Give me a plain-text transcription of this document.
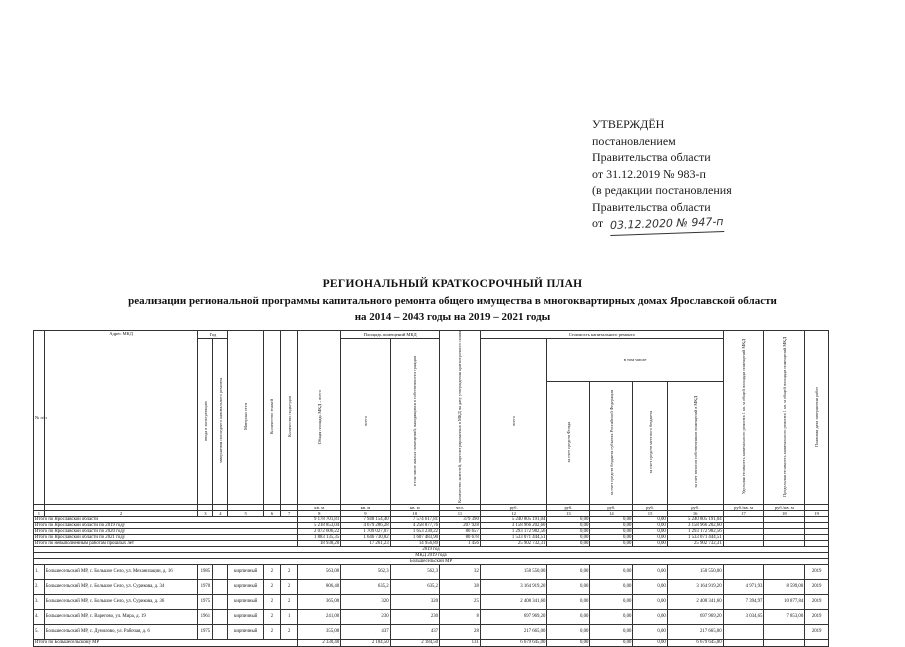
УТВЕРЖДЁН
постановлением
Правительства области
от 31.12.2019 № 983-п
(в редакции постановления
Правительства области
от 03.12.2020 № 947-п
РЕГИОНАЛЬНЫЙ КРАТКОСРОЧНЫЙ ПЛАН
реализации региональной программы капитального ремонта общего имущества в многоквартирных домах Ярославской области
на 2014 – 2043 годы на 2019 – 2021 годы
№ п/п	Адрес МКД	Год		Материал стен	Количество этажей	Количество подъездов	Общая площадь МКД – всего	Площадь помещений МКД		Количество жителей, зарегистрированных в МКД на дату утверждения краткосрочного плана	Стоимость капитального ремонта					Удельная стоимость капитального ремонта 1 кв. м общей площади помещений МКД	Предельная стоимость капитального ремонта 1 кв. м общей площади помещений МКД	Плановая дата завершения работ
		ввода в эксплуатацию	завершения последнего капитального ремонта					всего	в том числе жилых помещений, находящихся в собственности граждан		всего	в том числе						
												за счет средств Фонда	за счет средств бюджета субъекта Российской Федерации	за счет средств местного бюджета	за счет взносов собственников помещений в МКД			
							кв. м	кв. м	кв. м	чел.	руб.	руб.	руб.	руб.	руб.	руб./кв. м	руб./кв. м	
1	2	3	4	5	6	7	8	9	10	11	12	13	14	15	16	17	18	19
Итого по Ярославской области							9 178 701,81	7 948 154,40	7 574 617,81	379 390	5 240 805 191,04	0,00	0,00	0,00	5 240 805 191,04			
Итого по Ярославской области по 2019 году							5 218 853,04	4 679 286,28	4 258 877,76	207 928	3 158 966 202,60	0,00	0,00	0,00	3 158 966 202,60			
Итого по Ярославской области по 2020 году							2 072 606,22	1 709 027,07	1 653 230,22	80 657	1 293 172 982,56	0,00	0,00	0,00	1 293 172 982,56			
Итого по Ярославской области по 2021 году							1 883 135,35	1 646 730,82	1 607 483,90	80 678	1 533 071 444,51	0,00	0,00	0,00	1 533 071 444,51			
Итого по невыполненным работам прошлых лет							18 938,20	17 261,23	14 956,89	1 456	25 902 732,31	0,00	0,00	0,00	25 902 732,31			
2019 год																		
МКД 2019 года																		
Большесельский МР																		
1.	Большесельский МР, с. Большое Село, ул. Механизации, д. 16	1985		кирпичный	2	2	563,00	562,3	562,3	32	158 550,00	0,00	0,00	0,00	158 550,00			2019
2.	Большесельский МР, с. Большое Село, ул. Сурикова, д. 34	1970		кирпичный	2	2	806,40	635,2	635,2	38	3 164 919,20	0,00	0,00	0,00	3 164 919,20	4 971,93	8 599,00	2019
3.	Большесельский МР, с. Большое Село, ул. Сурикова, д. 36	1975		кирпичный	2	2	365,00	320	320	25	2 408 341,60	0,00	0,00	0,00	2 408 341,60	7 394,97	10 877,84	2019
4.	Большесельский МР, с. Варегово, ул. Мира, д. 19	1961		кирпичный	2	1	241,00	230	230	8	697 969,20	0,00	0,00	0,00	697 969,20	3 034,65	7 853,00	2019
5.	Большесельский МР, с. Дунилово, ул. Рабочая, д. 6	1975		кирпичный	2	2	355,00	437	437	28	217 665,00	0,00	0,00	0,00	217 665,00			2019
Итого по Большесельскому МР							2 330,40	2 184,50	2 184,50	131	6 679 645,00	0,00	0,00	0,00	6 679 645,00			
